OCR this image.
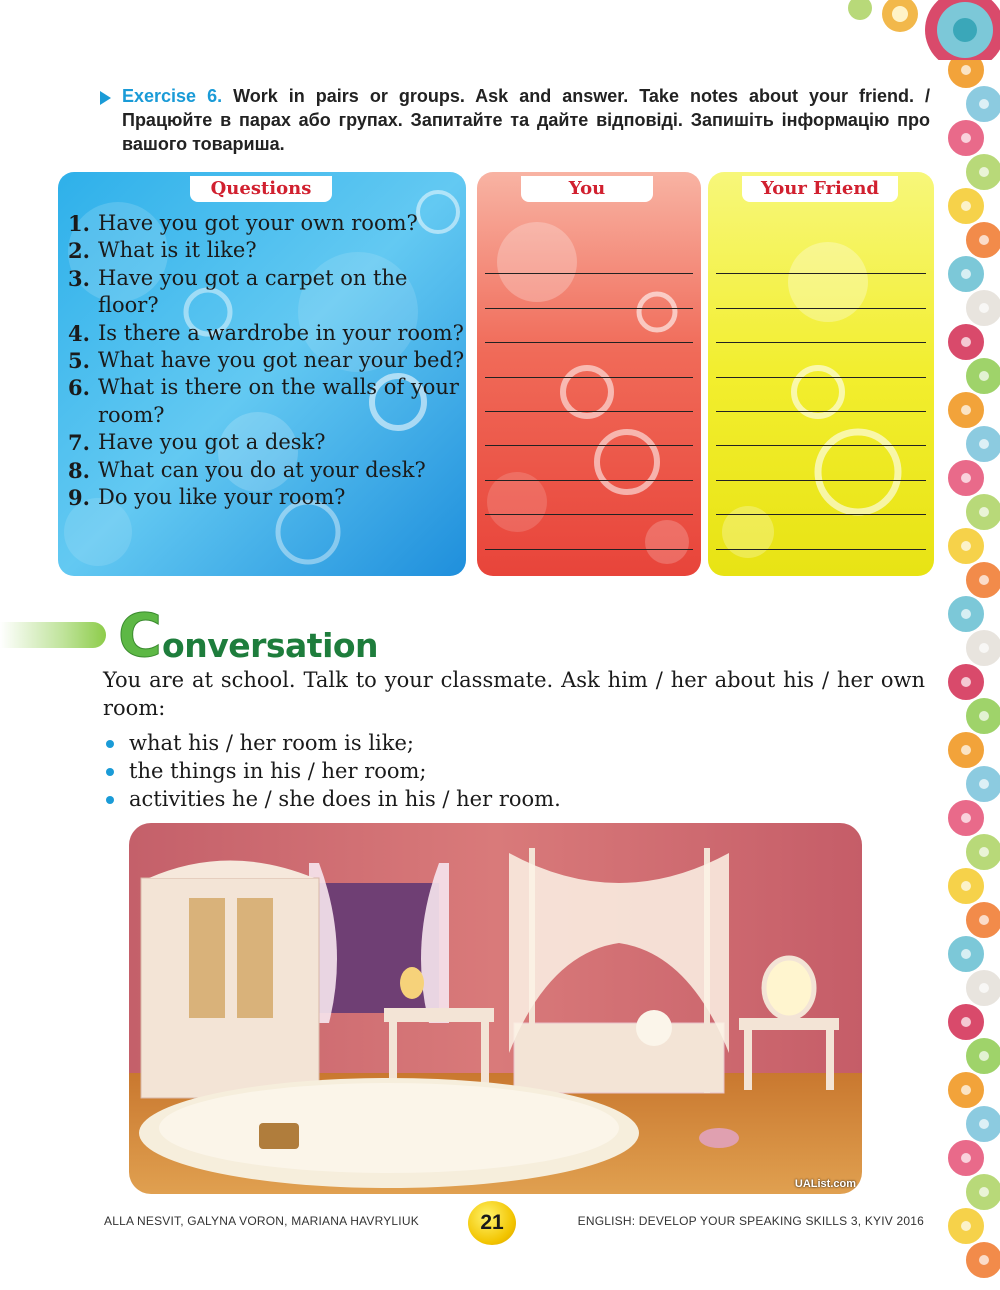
Exercise 6. Work in pairs or groups. Ask and answer. Take notes about your friend. / Працюйте в парах або групах. Запитайте та дайте відповіді. Запишіть інформацію про вашого товариша.
Questions
1. Have you got your own room?
2. What is it like?
3. Have you got a carpet on the floor?
4. Is there a wardrobe in your room?
5. What have you got near your bed?
6. What is there on the walls of your room?
7. Have you got a desk?
8. What can you do at your desk?
9. Do you like your room?
You	Your Friend
Conversation
You are at school. Talk to your classmate. Ask him / her about his / her own room:
what his / her room is like;
the things in his / her room;
activities he / she does in his / her room.
UAList.com
ALLA NESVIT, GALYNA VORON, MARIANA HAVRYLIUK	21	ENGLISH: DEVELOP YOUR SPEAKING SKILLS 3, KYIV 2016
